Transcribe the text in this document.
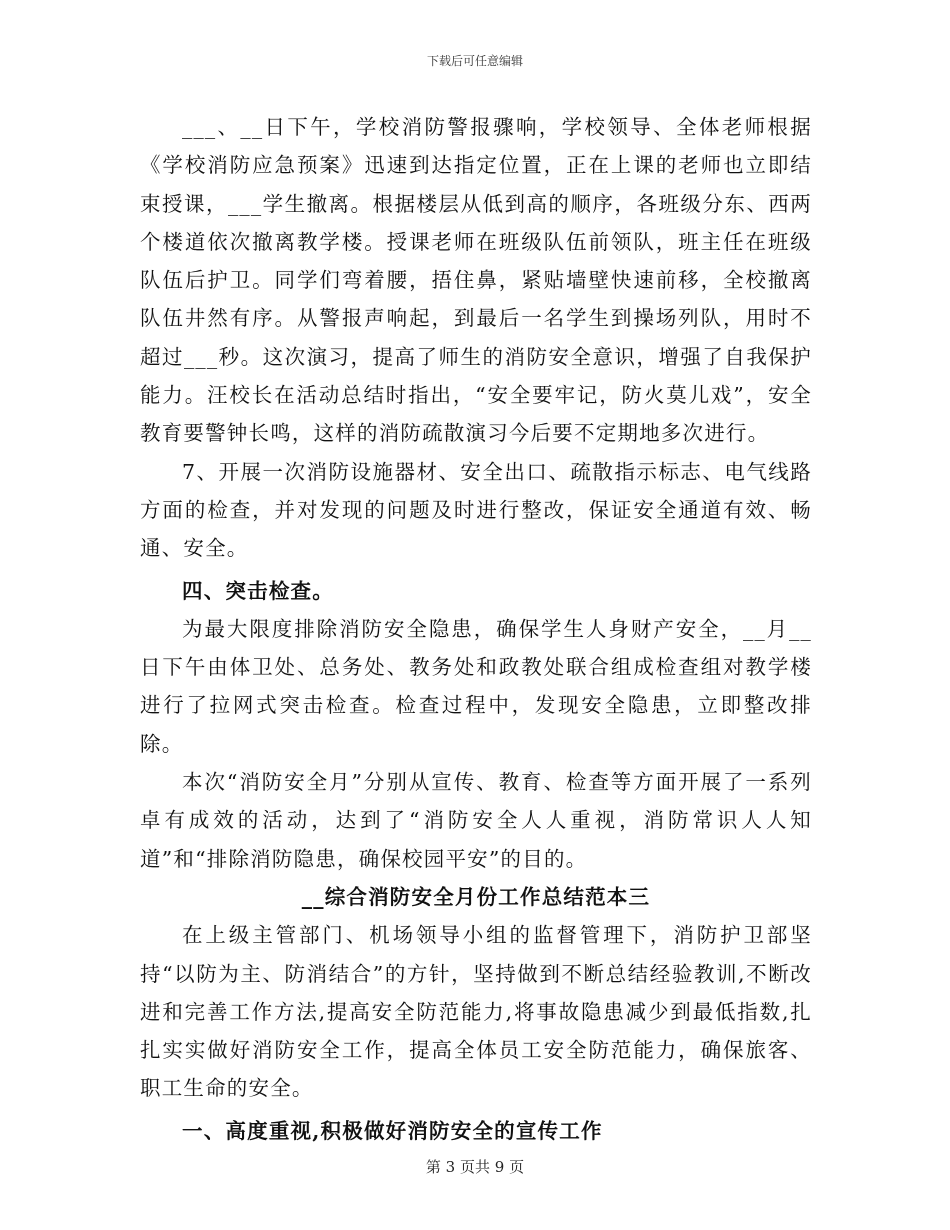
下载后可任意编辑

___、__日下午，学校消防警报骤响，学校领导、全体老师根据《学校消防应急预案》迅速到达指定位置，正在上课的老师也立即结束授课，___学生撤离。根据楼层从低到高的顺序，各班级分东、西两个楼道依次撤离教学楼。授课老师在班级队伍前领队，班主任在班级队伍后护卫。同学们弯着腰，捂住鼻，紧贴墙壁快速前移，全校撤离队伍井然有序。从警报声响起，到最后一名学生到操场列队，用时不超过___秒。这次演习，提高了师生的消防安全意识，增强了自我保护能力。汪校长在活动总结时指出，“安全要牢记，防火莫儿戏”，安全教育要警钟长鸣，这样的消防疏散演习今后要不定期地多次进行。

7、开展一次消防设施器材、安全出口、疏散指示标志、电气线路方面的检查，并对发现的问题及时进行整改，保证安全通道有效、畅通、安全。

四、突击检查。

为最大限度排除消防安全隐患，确保学生人身财产安全，__月__日下午由体卫处、总务处、教务处和政教处联合组成检查组对教学楼进行了拉网式突击检查。检查过程中，发现安全隐患，立即整改排除。

本次“消防安全月”分别从宣传、教育、检查等方面开展了一系列卓有成效的活动，达到了“消防安全人人重视，消防常识人人知道”和“排除消防隐患，确保校园平安”的目的。

__综合消防安全月份工作总结范本三

在上级主管部门、机场领导小组的监督管理下，消防护卫部坚持“以防为主、防消结合”的方针，坚持做到不断总结经验教训,不断改进和完善工作方法,提高安全防范能力,将事故隐患减少到最低指数,扎扎实实做好消防安全工作，提高全体员工安全防范能力，确保旅客、职工生命的安全。

一、高度重视,积极做好消防安全的宣传工作

第 3 页共 9 页
